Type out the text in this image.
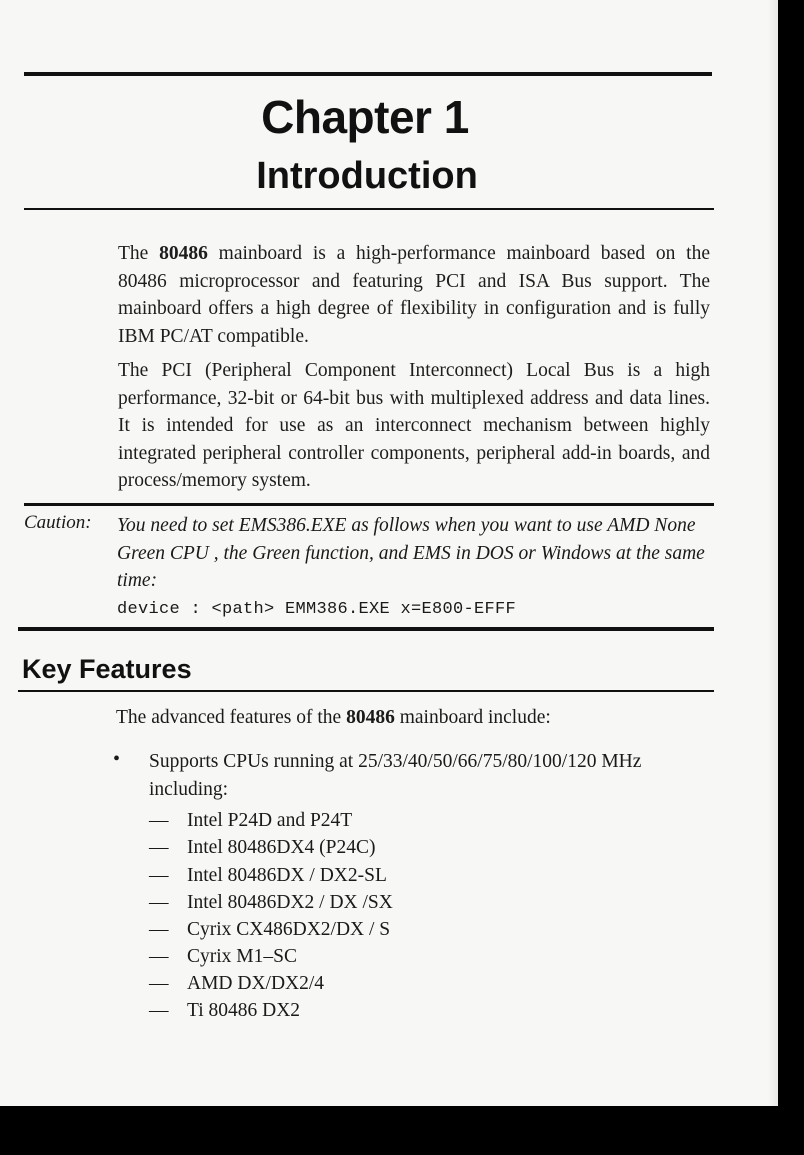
Chapter 1
Introduction

The 80486 mainboard is a high-performance mainboard based on the 80486 microprocessor and featuring PCI and ISA Bus support. The mainboard offers a high degree of flexibility in configuration and is fully IBM PC/AT compatible.

The PCI (Peripheral Component Interconnect) Local Bus is a high performance, 32-bit or 64-bit bus with multiplexed address and data lines. It is intended for use as an interconnect mechanism between highly integrated peripheral controller components, peripheral add-in boards, and process/memory system.

Caution: You need to set EMS386.EXE as follows when you want to use AMD None Green CPU , the Green function, and EMS in DOS or Windows at the same time:

device : <path> EMM386.EXE x=E800-EFFF
Key Features
The advanced features of the 80486 mainboard include:
• Supports CPUs running at 25/33/40/50/66/75/80/100/120 MHz including:

— Intel P24D and P24T
— Intel 80486DX4 (P24C)
— Intel 80486DX / DX2-SL
— Intel 80486DX2 / DX /SX
— Cyrix CX486DX2/DX / S
— Cyrix M1–SC
— AMD DX/DX2/4
— Ti 80486 DX2
